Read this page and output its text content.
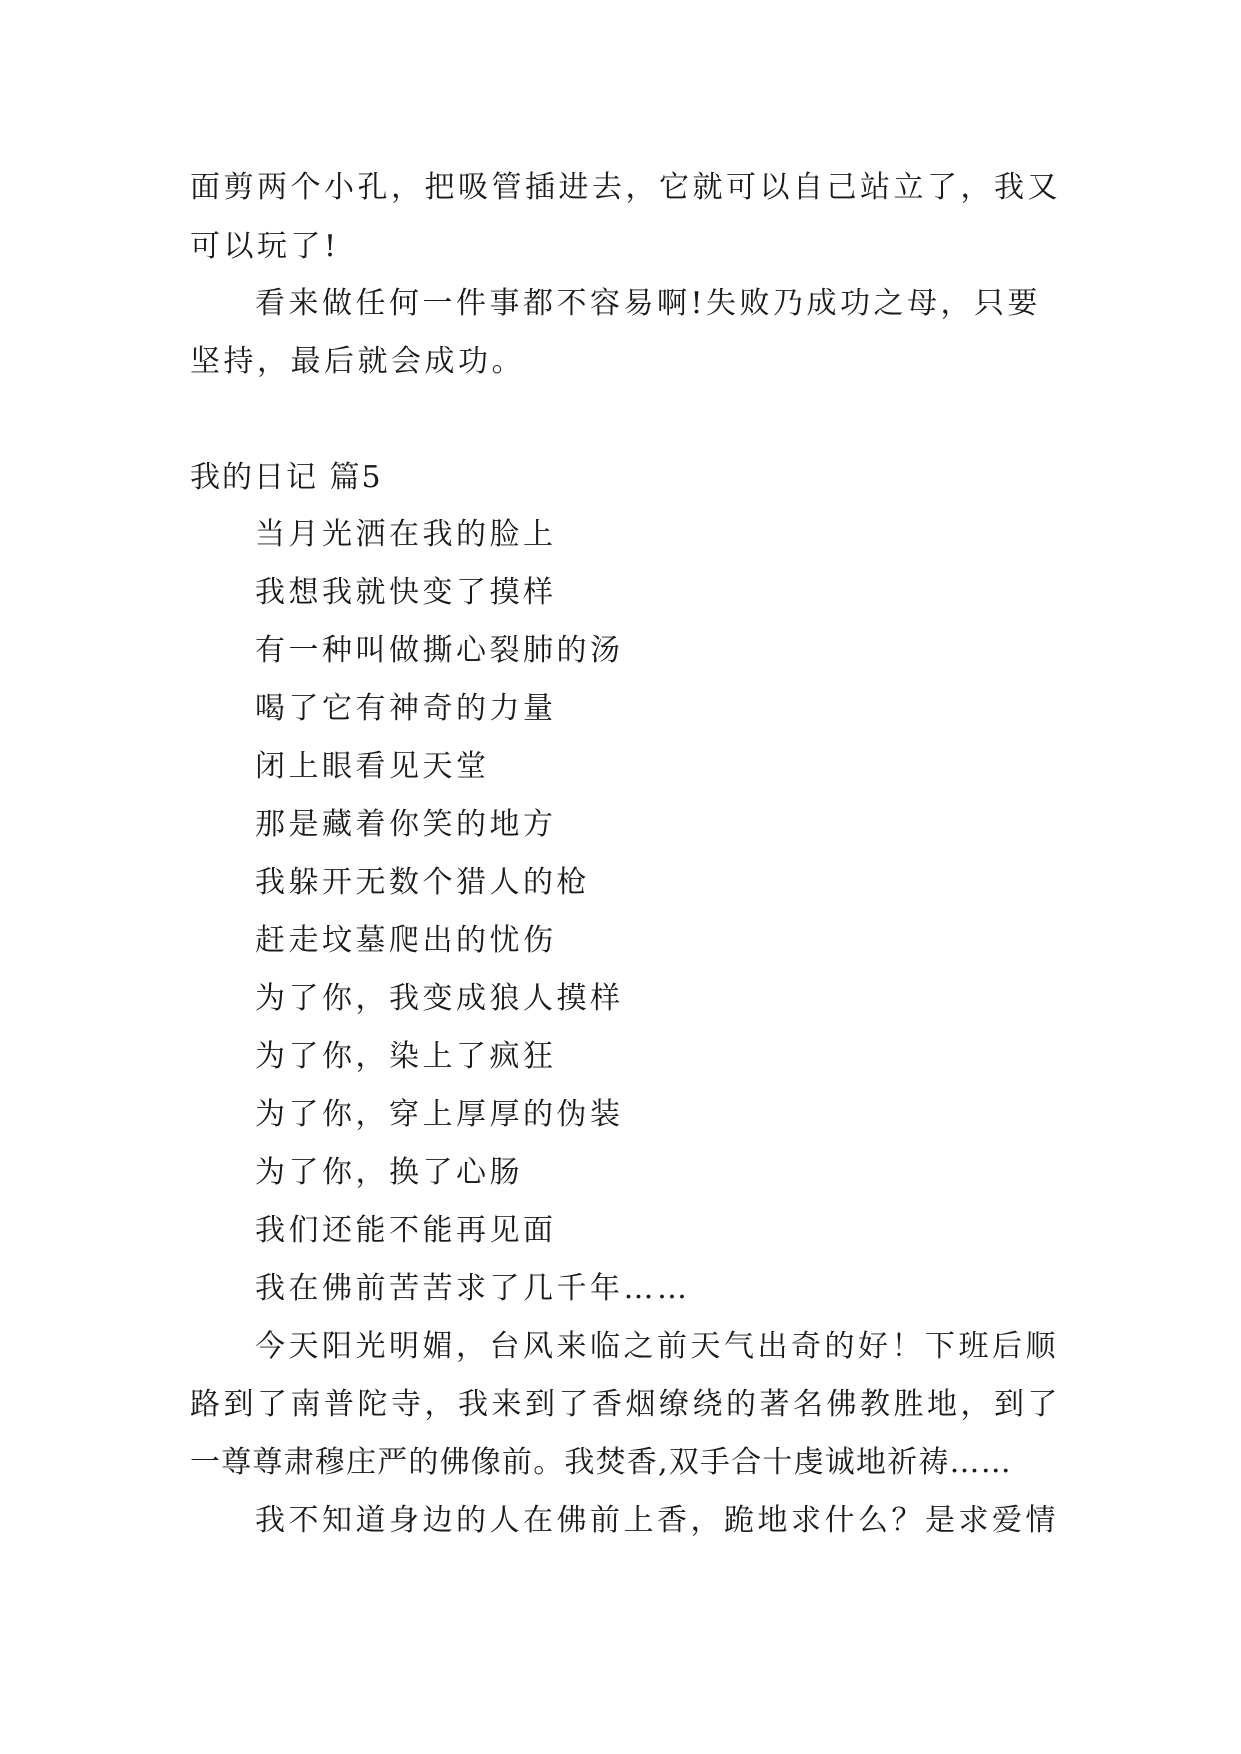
面剪两个小孔，把吸管插进去，它就可以自己站立了，我又
可以玩了!
看来做任何一件事都不容易啊!失败乃成功之母，只要
坚持，最后就会成功。
我的日记 篇5
当月光洒在我的脸上
我想我就快变了摸样
有一种叫做撕心裂肺的汤
喝了它有神奇的力量
闭上眼看见天堂
那是藏着你笑的地方
我躲开无数个猎人的枪
赶走坟墓爬出的忧伤
为了你，我变成狼人摸样
为了你，染上了疯狂
为了你，穿上厚厚的伪装
为了你，换了心肠
我们还能不能再见面
我在佛前苦苦求了几千年……
今天阳光明媚，台风来临之前天气出奇的好！下班后顺
路到了南普陀寺，我来到了香烟缭绕的著名佛教胜地，到了
一尊尊肃穆庄严的佛像前。我焚香,双手合十虔诚地祈祷……
我不知道身边的人在佛前上香，跪地求什么？是求爱情
